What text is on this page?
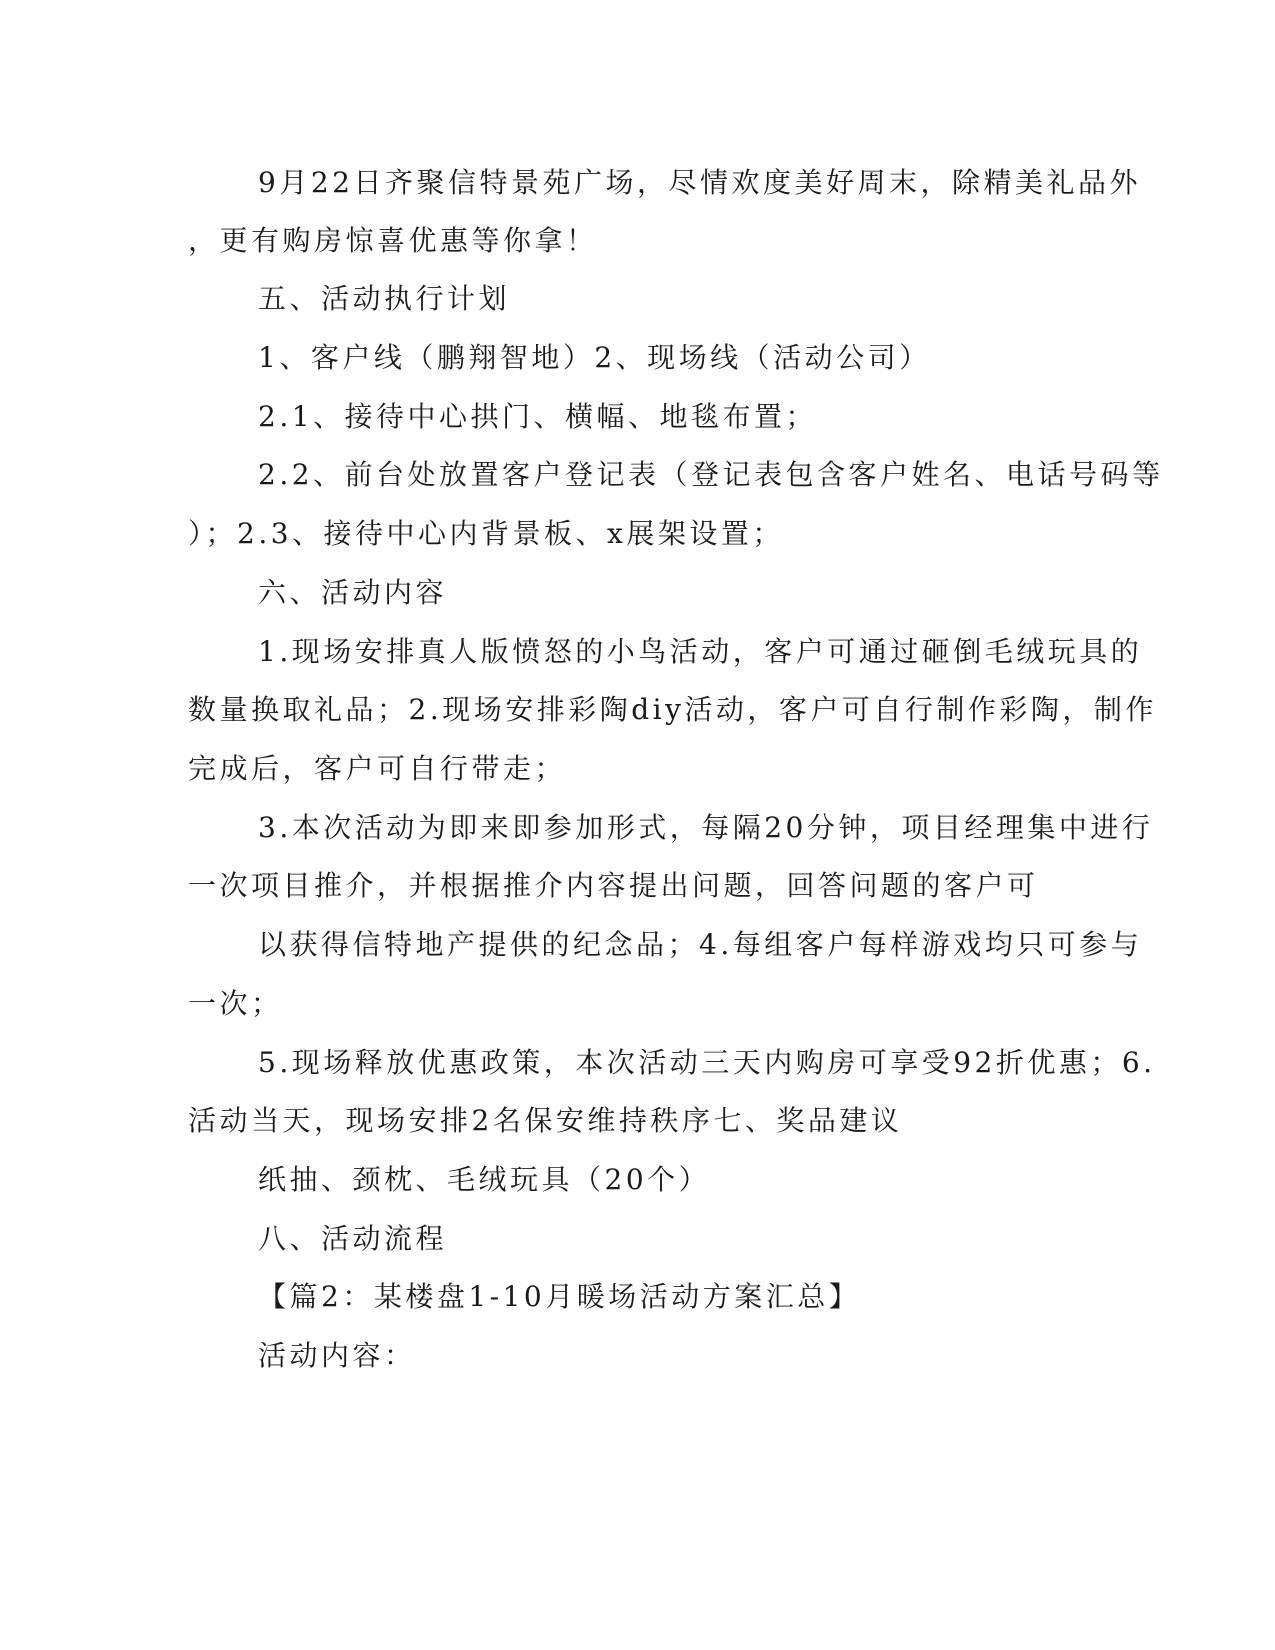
9月22日齐聚信特景苑广场，尽情欢度美好周末，除精美礼品外

，更有购房惊喜优惠等你拿！

五、活动执行计划

1、客户线（鹏翔智地）2、现场线（活动公司）

2.1、接待中心拱门、横幅、地毯布置；

2.2、前台处放置客户登记表（登记表包含客户姓名、电话号码等

）；2.3、接待中心内背景板、x展架设置；

六、活动内容

1.现场安排真人版愤怒的小鸟活动，客户可通过砸倒毛绒玩具的

数量换取礼品；2.现场安排彩陶diy活动，客户可自行制作彩陶，制作

完成后，客户可自行带走；

3.本次活动为即来即参加形式，每隔20分钟，项目经理集中进行

一次项目推介，并根据推介内容提出问题，回答问题的客户可

以获得信特地产提供的纪念品；4.每组客户每样游戏均只可参与

一次；

5.现场释放优惠政策，本次活动三天内购房可享受92折优惠；6.

活动当天，现场安排2名保安维持秩序七、奖品建议

纸抽、颈枕、毛绒玩具（20个）

八、活动流程

【篇2：某楼盘1-10月暖场活动方案汇总】

活动内容：
